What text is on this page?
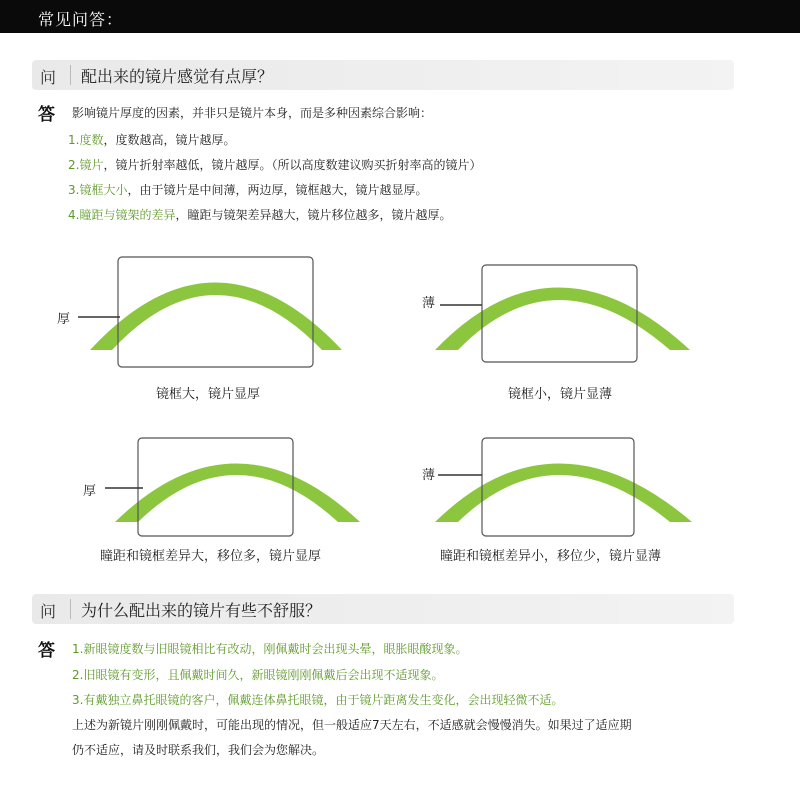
常见问答：
问 配出来的镜片感觉有点厚？
答 影响镜片厚度的因素，并非只是镜片本身，而是多种因素综合影响：
1.度数，度数越高，镜片越厚。
2.镜片，镜片折射率越低，镜片越厚。（所以高度数建议购买折射率高的镜片）
3.镜框大小，由于镜片是中间薄，两边厚，镜框越大，镜片越显厚。
4.瞳距与镜架的差异，瞳距与镜架差异越大，镜片移位越多，镜片越厚。
厚
镜框大，镜片显厚
薄
镜框小，镜片显薄
厚
瞳距和镜框差异大，移位多，镜片显厚
薄
瞳距和镜框差异小，移位少，镜片显薄
问 为什么配出来的镜片有些不舒服？
答 1.新眼镜度数与旧眼镜相比有改动，刚佩戴时会出现头晕，眼胀眼酸现象。
2.旧眼镜有变形，且佩戴时间久，新眼镜刚刚佩戴后会出现不适现象。
3.有戴独立鼻托眼镜的客户，佩戴连体鼻托眼镜，由于镜片距离发生变化，会出现轻微不适。
上述为新镜片刚刚佩戴时，可能出现的情况，但一般适应7天左右，不适感就会慢慢消失。如果过了适应期
仍不适应，请及时联系我们，我们会为您解决。
